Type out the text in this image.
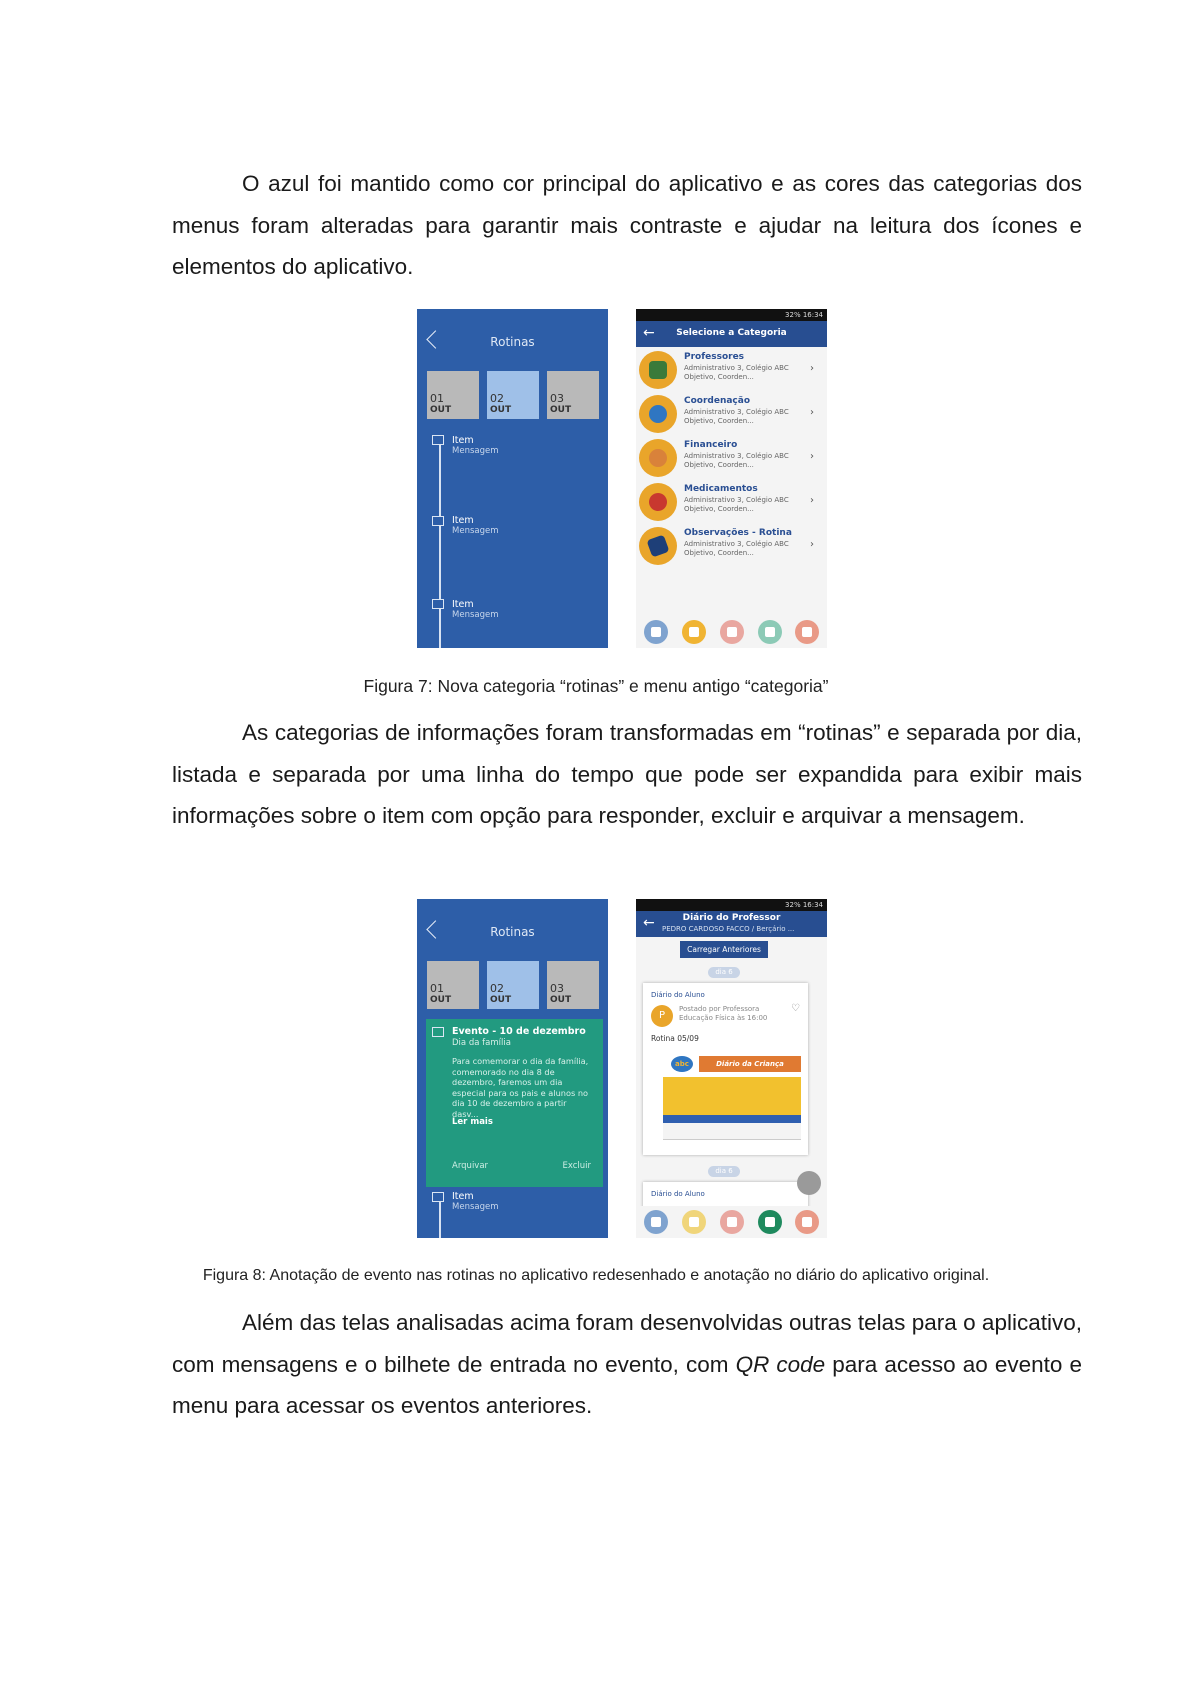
O azul foi mantido como cor principal do aplicativo e as cores das categorias dos menus foram alteradas para garantir mais contraste e ajudar na leitura dos ícones e elementos do aplicativo.

Rotinas
01
OUT
02
OUT
03
OUT
Item
Mensagem
Item
Mensagem
Item
Mensagem
32% 16:34
←	Selecione a Categoria
Professores
Administrativo 3, Colégio ABC Objetivo, Coorden...
›
Coordenação
Administrativo 3, Colégio ABC Objetivo, Coorden...
›
Financeiro
Administrativo 3, Colégio ABC Objetivo, Coorden...
›
Medicamentos
Administrativo 3, Colégio ABC Objetivo, Coorden...
›
Observações - Rotina
Administrativo 3, Colégio ABC Objetivo, Coorden...
›

Figura 7: Nova categoria “rotinas” e menu antigo “categoria”

As categorias de informações foram transformadas em “rotinas” e separada por dia, listada e separada por uma linha do tempo que pode ser expandida para exibir mais informações sobre o item com opção para responder, excluir e arquivar a mensagem.

Rotinas
01
OUT
02
OUT
03
OUT
Evento - 10 de dezembro
Dia da família
Para comemorar o dia da família, comemorado no dia 8 de dezembro, faremos um dia especial para os pais e alunos no dia 10 de dezembro a partir dasv...
Ler mais
Arquivar	Excluir
Item
Mensagem
32% 16:34
←	Diário do Professor
PEDRO CARDOSO FACCO / Berçário ...
Carregar Anteriores
dia 6
Diário do Aluno
P
Postado por Professora Educação Física às 16:00
♡
Rotina 05/09
abc	Diário da Criança
dia 6
Diário do Aluno

Figura 8: Anotação de evento nas rotinas no aplicativo redesenhado e anotação no diário do aplicativo original.

Além das telas analisadas acima foram desenvolvidas outras telas para o aplicativo, com mensagens e o bilhete de entrada no evento, com QR code para acesso ao evento e menu para acessar os eventos anteriores.
